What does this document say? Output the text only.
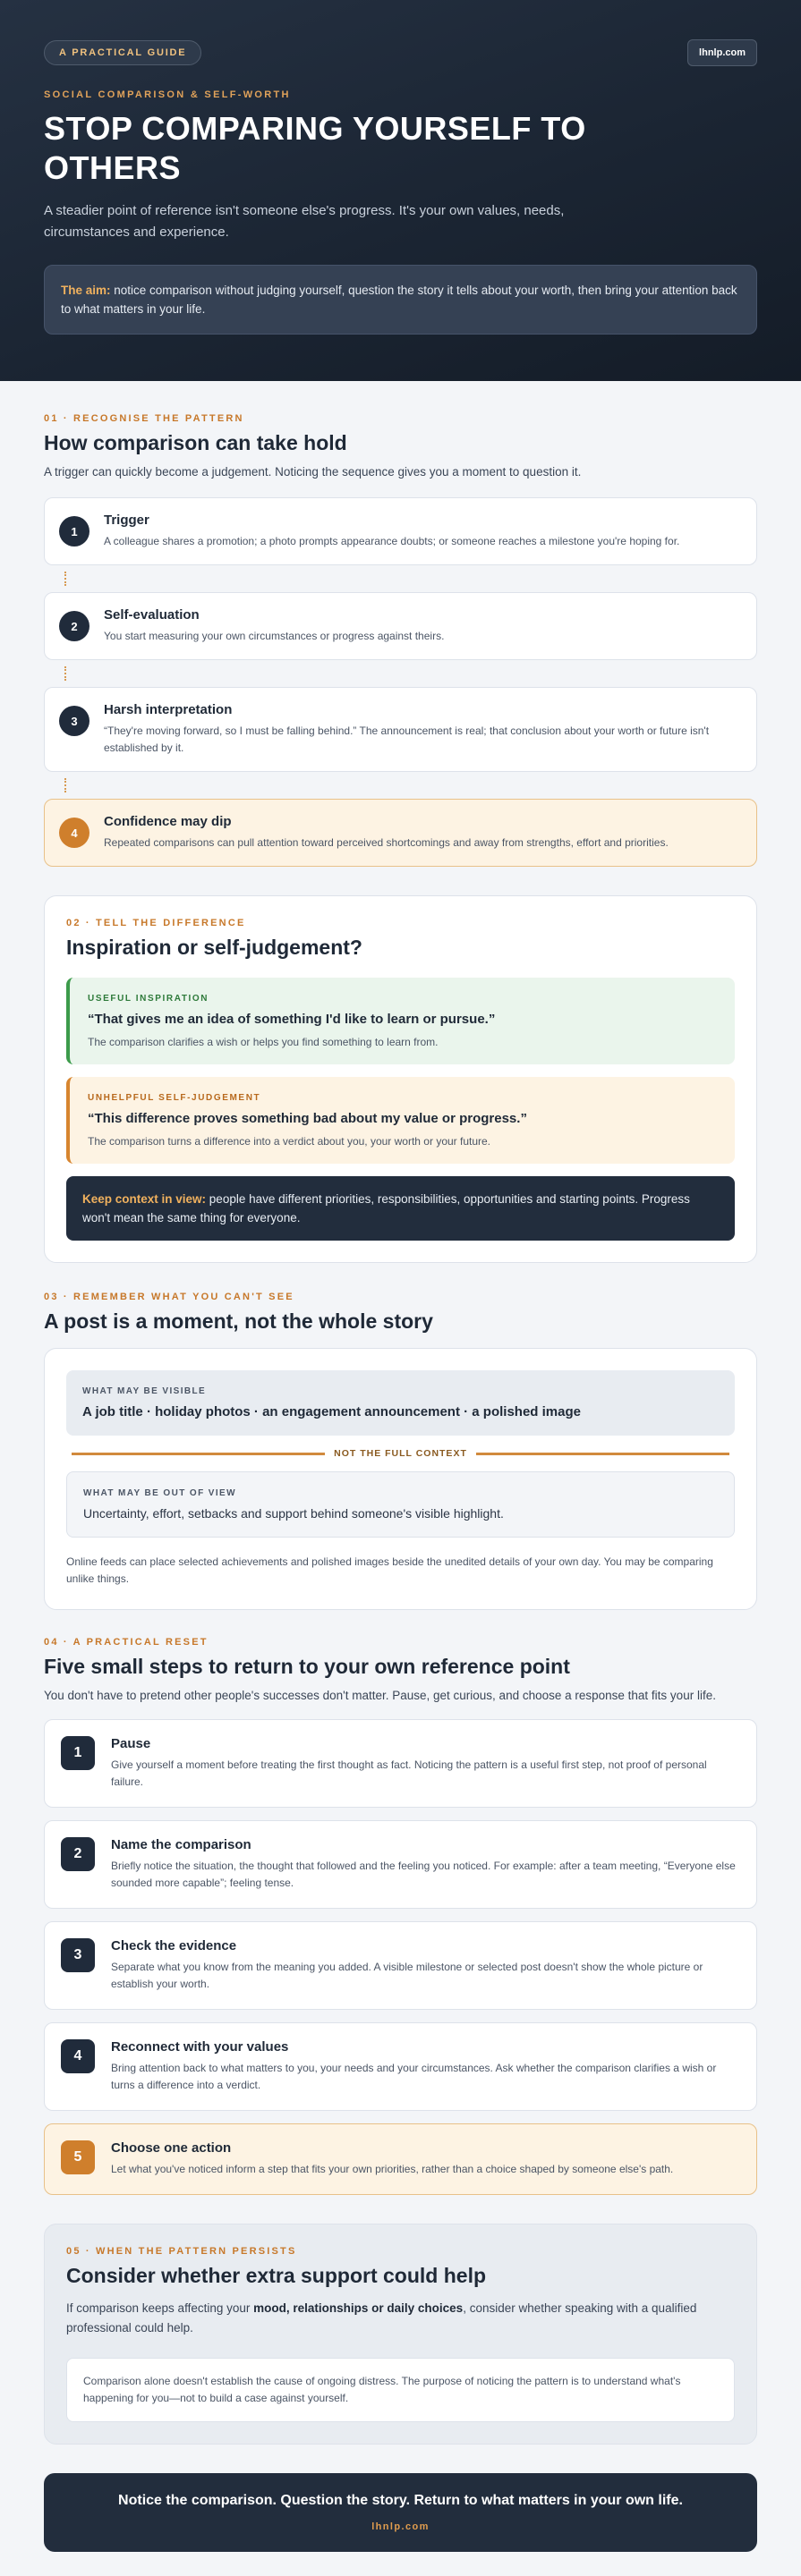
A PRACTICAL GUIDE	lhnlp.com
SOCIAL COMPARISON & SELF-WORTH
STOP COMPARING YOURSELF TO OTHERS

A steadier point of reference isn't someone else's progress. It's your own values, needs, circumstances and experience.

The aim: notice comparison without judging yourself, question the story it tells about your worth, then bring your attention back to what matters in your life.
01 · RECOGNISE THE PATTERN
How comparison can take hold

A trigger can quickly become a judgement. Noticing the sequence gives you a moment to question it.

1
Trigger
A colleague shares a promotion; a photo prompts appearance doubts; or someone reaches a milestone you're hoping for.
2
Self-evaluation
You start measuring your own circumstances or progress against theirs.
3
Harsh interpretation
“They're moving forward, so I must be falling behind.” The announcement is real; that conclusion about your worth or future isn't established by it.
4
Confidence may dip
Repeated comparisons can pull attention toward perceived shortcomings and away from strengths, effort and priorities.
02 · TELL THE DIFFERENCE
Inspiration or self-judgement?
USEFUL INSPIRATION
“That gives me an idea of something I'd like to learn or pursue.”
The comparison clarifies a wish or helps you find something to learn from.
UNHELPFUL SELF-JUDGEMENT
“This difference proves something bad about my value or progress.”
The comparison turns a difference into a verdict about you, your worth or your future.
Keep context in view: people have different priorities, responsibilities, opportunities and starting points. Progress won't mean the same thing for everyone.
03 · REMEMBER WHAT YOU CAN'T SEE
A post is a moment, not the whole story
WHAT MAY BE VISIBLE
A job title · holiday photos · an engagement announcement · a polished image
NOT THE FULL CONTEXT
WHAT MAY BE OUT OF VIEW
Uncertainty, effort, setbacks and support behind someone's visible highlight.

Online feeds can place selected achievements and polished images beside the unedited details of your own day. You may be comparing unlike things.

04 · A PRACTICAL RESET
Five small steps to return to your own reference point

You don't have to pretend other people's successes don't matter. Pause, get curious, and choose a response that fits your life.

1
Pause
Give yourself a moment before treating the first thought as fact. Noticing the pattern is a useful first step, not proof of personal failure.
2
Name the comparison
Briefly notice the situation, the thought that followed and the feeling you noticed. For example: after a team meeting, “Everyone else sounded more capable”; feeling tense.
3
Check the evidence
Separate what you know from the meaning you added. A visible milestone or selected post doesn't show the whole picture or establish your worth.
4
Reconnect with your values
Bring attention back to what matters to you, your needs and your circumstances. Ask whether the comparison clarifies a wish or turns a difference into a verdict.
5
Choose one action
Let what you've noticed inform a step that fits your own priorities, rather than a choice shaped by someone else's path.
05 · WHEN THE PATTERN PERSISTS
Consider whether extra support could help

If comparison keeps affecting your mood, relationships or daily choices, consider whether speaking with a qualified professional could help.

Comparison alone doesn't establish the cause of ongoing distress. The purpose of noticing the pattern is to understand what's happening for you—not to build a case against yourself.
Notice the comparison. Question the story. Return to what matters in your own life.
lhnlp.com
